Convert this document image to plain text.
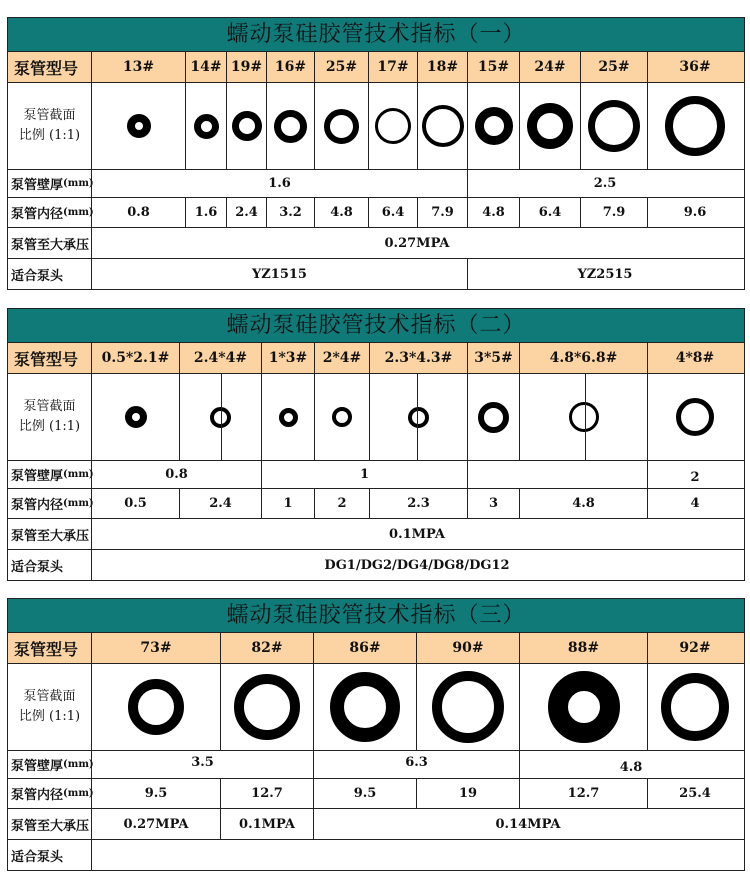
蠕动泵硅胶管技术指标（一）
泵管型号	13#	14# 19# 16#	25#	17#	18#	15#	24#	25#	36#
泵管截面
比例 (1:1)
泵管壁厚 (mm)	1.6	2.5
泵管内径 (mm)	0.8	1.6	2.4	3.2	4.8	6.4	7.9	4.8	6.4	7.9	9.6
泵管至大承压	0.27MPA
适合泵头	YZ1515	YZ2515
蠕动泵硅胶管技术指标（二）
泵管型号	0.5*2.1#	2.4*4#	1*3#	2*4#	2.3*4.3#	3*5#	4.8*6.8#	4*8#
泵管截面
比例 (1:1)
泵管壁厚 (mm)	0.8	1	2
泵管内径 (mm)	0.5	2.4	1	2	2.3	3	4.8	4
泵管至大承压	0.1MPA
适合泵头	DG1/DG2/DG4/DG8/DG12
蠕动泵硅胶管技术指标（三）
泵管型号	73#	82#	86#	90#	88#	92#
泵管截面
比例 (1:1)
泵管壁厚 (mm)	3.5	6.3	4.8
泵管内径 (mm)	9.5	12.7	9.5	19	12.7	25.4
泵管至大承压	0.27MPA	0.1MPA	0.14MPA
适合泵头
